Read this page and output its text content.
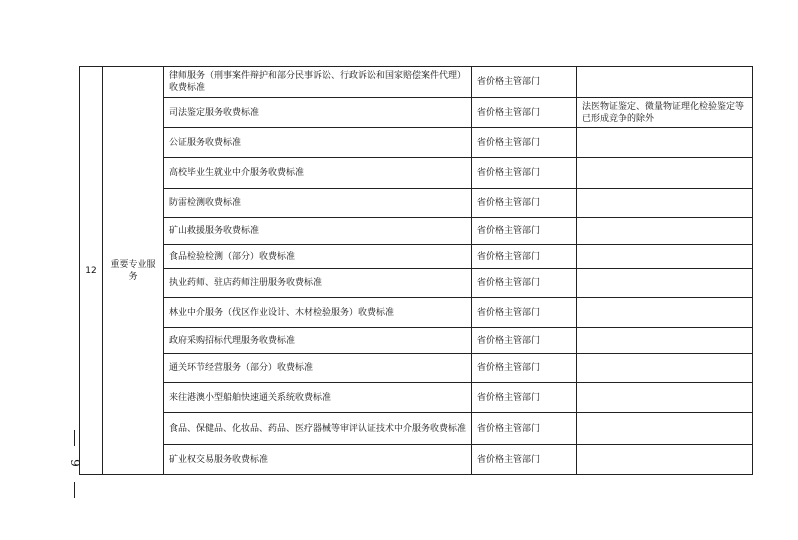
12	重要专业服务	律师服务（刑事案件辩护和部分民事诉讼、行政诉讼和国家赔偿案件代理）收费标准	省价格主管部门	
		司法鉴定服务收费标准	省价格主管部门	法医物证鉴定、微量物证理化检验鉴定等已形成竞争的除外
		公证服务收费标准	省价格主管部门	
		高校毕业生就业中介服务收费标准	省价格主管部门	
		防雷检测收费标准	省价格主管部门	
		矿山救援服务收费标准	省价格主管部门	
		食品检验检测（部分）收费标准	省价格主管部门	
		执业药师、驻店药师注册服务收费标准	省价格主管部门	
		林业中介服务（伐区作业设计、木材检验服务）收费标准	省价格主管部门	
		政府采购招标代理服务收费标准	省价格主管部门	
		通关环节经营服务（部分）收费标准	省价格主管部门	
		来往港澳小型船舶快速通关系统收费标准	省价格主管部门	
		食品、保健品、化妆品、药品、医疗器械等审评认证技术中介服务收费标准	省价格主管部门	
		矿业权交易服务收费标准	省价格主管部门	
9
